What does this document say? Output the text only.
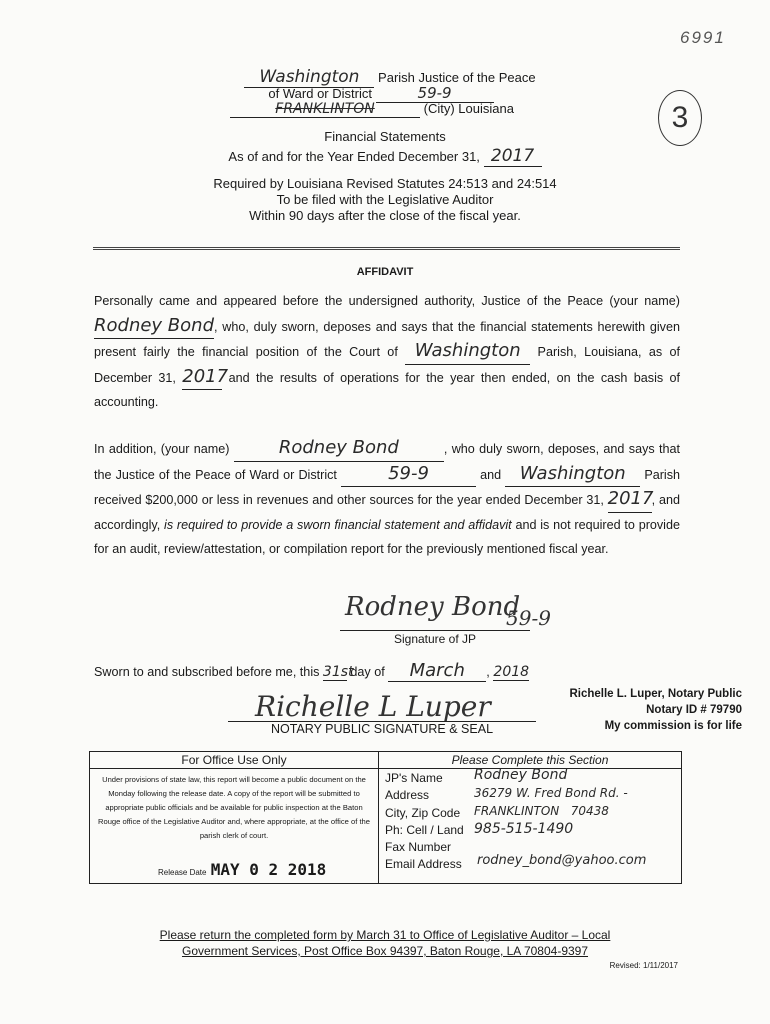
6991
3
Washington Parish Justice of the Peace
of Ward or District	59-9
FRANKLINTON	(City) Louisiana
Financial Statements
As of and for the Year Ended December 31, 2017
Required by Louisiana Revised Statutes 24:513 and 24:514
To be filed with the Legislative Auditor
Within 90 days after the close of the fiscal year.
AFFIDAVIT
Personally came and appeared before the undersigned authority, Justice of the Peace (your name) Rodney Bond, who, duly sworn, deposes and says that the financial statements herewith given present fairly the financial position of the Court of Washington Parish, Louisiana, as of December 31, 2017 and the results of operations for the year then ended, on the cash basis of accounting.
In addition, (your name)	Rodney Bond	, who duly sworn, deposes, and says that the Justice of the Peace of Ward or District	59-9	and Washington Parish received $200,000 or less in revenues and other sources for the year ended December 31, 2017, and accordingly, is required to provide a sworn financial statement and affidavit and is not required to provide for an audit, review/attestation, or compilation report for the previously mentioned fiscal year.
Rodney Bond
59-9
Signature of JP
Sworn to and subscribed before me, this 31st day of March , 2018
Richelle L Luper
NOTARY PUBLIC SIGNATURE & SEAL
Richelle L. Luper, Notary Public
Notary ID # 79790
My commission is for life
For Office Use Only
Under provisions of state law, this report will become a public document on the Monday following the release date. A copy of the report will be submitted to appropriate public officials and be available for public inspection at the Baton Rouge office of the Legislative Auditor and, where appropriate, at the office of the parish clerk of court.
Release Date MAY 0 2 2018
Please Complete this Section
JP's Name Rodney Bond
Address	36279 W. Fred Bond Rd. -
City, Zip Code FRANKLINTON   70438
Ph: Cell / Land 985-515-1490
Fax Number
Email Address rodney_bond@yahoo.com
Please return the completed form by March 31 to Office of Legislative Auditor – Local
Government Services, Post Office Box 94397, Baton Rouge, LA 70804-9397
Revised: 1/11/2017
